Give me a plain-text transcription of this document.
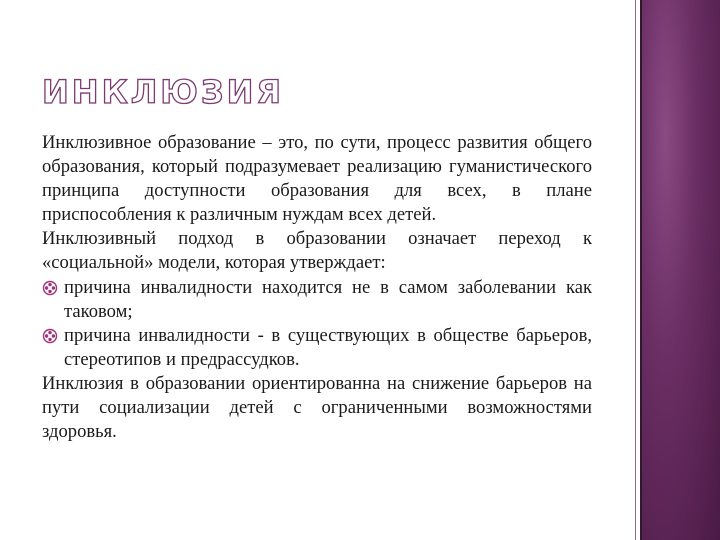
ИНКЛЮЗИЯ

Инклюзивное образование – это, по сути, процесс развития общего образования, который подразумевает реализацию гуманистического принципа доступности образования для всех, в плане приспособления к различным нуждам всех детей.

Инклюзивный подход в образовании означает переход к «социальной» модели, которая утверждает:

причина инвалидности находится не в самом заболевании как таковом;
причина инвалидности - в существующих в обществе барьеров, стереотипов и предрассудков.

Инклюзия в образовании ориентированна на снижение барьеров на пути социализации детей с ограниченными возможностями здоровья.
